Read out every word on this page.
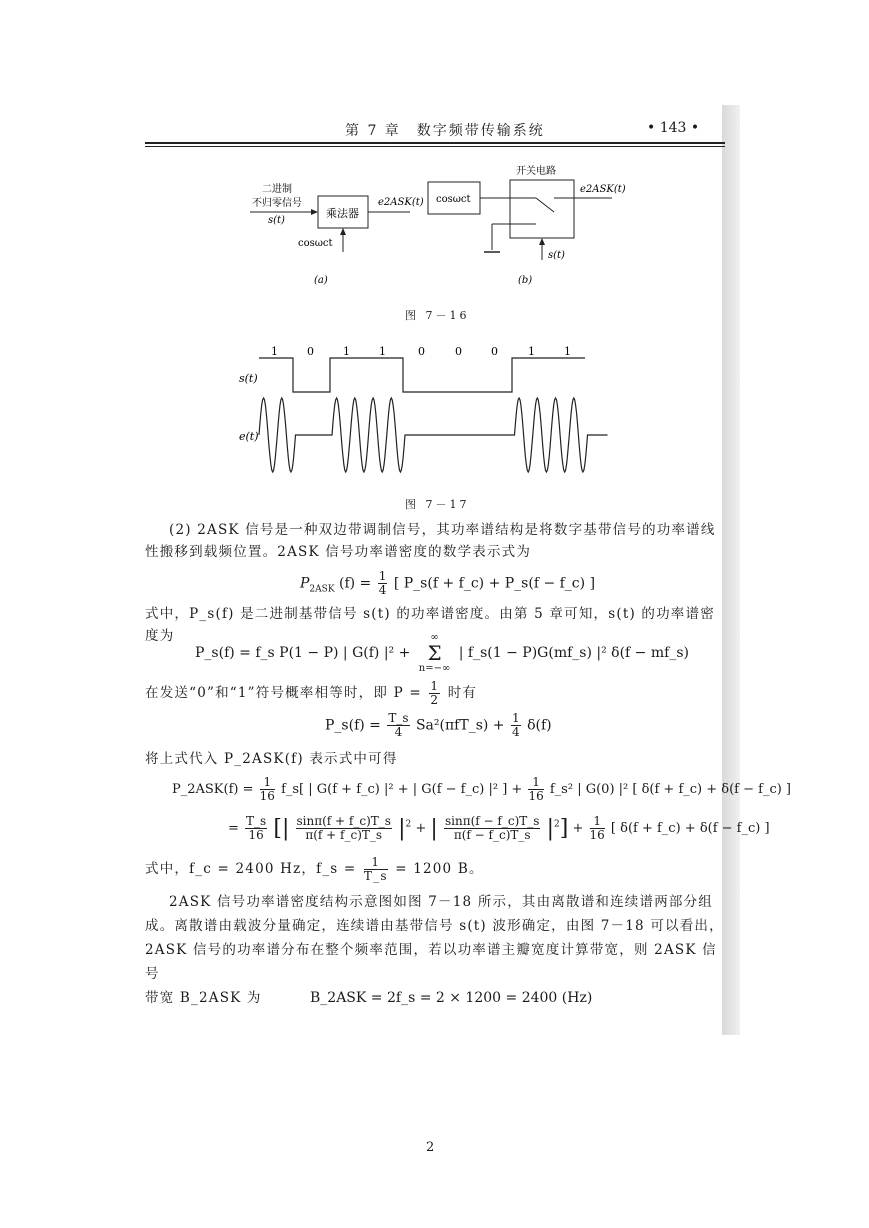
第 7 章　数字频带传输系统	• 143 •
二进制
不归零信号
s(t)
乘法器
e2ASK(t)
cosωct
(a)
cosωct
开关电路
e2ASK(t)
s(t)
(b)
图 7－16
1	0	1	1	0	0	0	1	1
s(t)
e(t)
图 7－17
(2) 2ASK 信号是一种双边带调制信号，其功率谱结构是将数字基带信号的功率谱线
性搬移到载频位置。2ASK 信号功率谱密度的数学表示式为
$P_{2ASK}$ $(f) = \frac{1}{4}$ [ P_s(f + f_c) + P_s(f − f_c) ]
式中，P_s(f) 是二进制基带信号 s(t) 的功率谱密度。由第 5 章可知，s(t) 的功率谱密度为
P_s(f) = f_s P(1 − P) | G(f) |² +
∞
Σ
n=−∞
| f_s(1 − P)G(mf_s) |² δ(f − mf_s)
在发送“0”和“1”符号概率相等时，即 $P = \frac{1}{2}$ 时有
P_s(f) = $\frac{T\_s}{4}$ Sa²(πfT_s) + $\frac{1}{4} \delta(f)$
将上式代入 P_2ASK(f) 表示式中可得
P_2ASK(f) = $\frac{1}{16}$ f_s[ | G(f + f_c) |² + | G(f − f_c) |² ] + $\frac{1}{16}$ f_s² | G(0) |² [ δ(f + f_c) + δ(f − f_c) ]
= $\frac{T\_s}{16}$ [| $\frac{\sin\pi(f + f\_c)T\_s}{\pi(f + f\_c)T\_s} |^2$ + | $\frac{\sin\pi(f - f\_c)T\_s}{\pi(f - f\_c)T\_s} |^2] + \frac{1}{16}$ [ δ(f + f_c) + δ(f − f_c) ]
式中，f_c = 2400 Hz，f_s = $\frac{1}{T\_s} = 1200$ B。
2ASK 信号功率谱密度结构示意图如图 7－18 所示，其由离散谱和连续谱两部分组
成。离散谱由载波分量确定，连续谱由基带信号 s(t) 波形确定，由图 7－18 可以看出，
2ASK 信号的功率谱分布在整个频率范围，若以功率谱主瓣宽度计算带宽，则 2ASK 信号
带宽 B_2ASK 为	B_2ASK = 2f_s = 2 × 1200 = 2400 (Hz)
2
